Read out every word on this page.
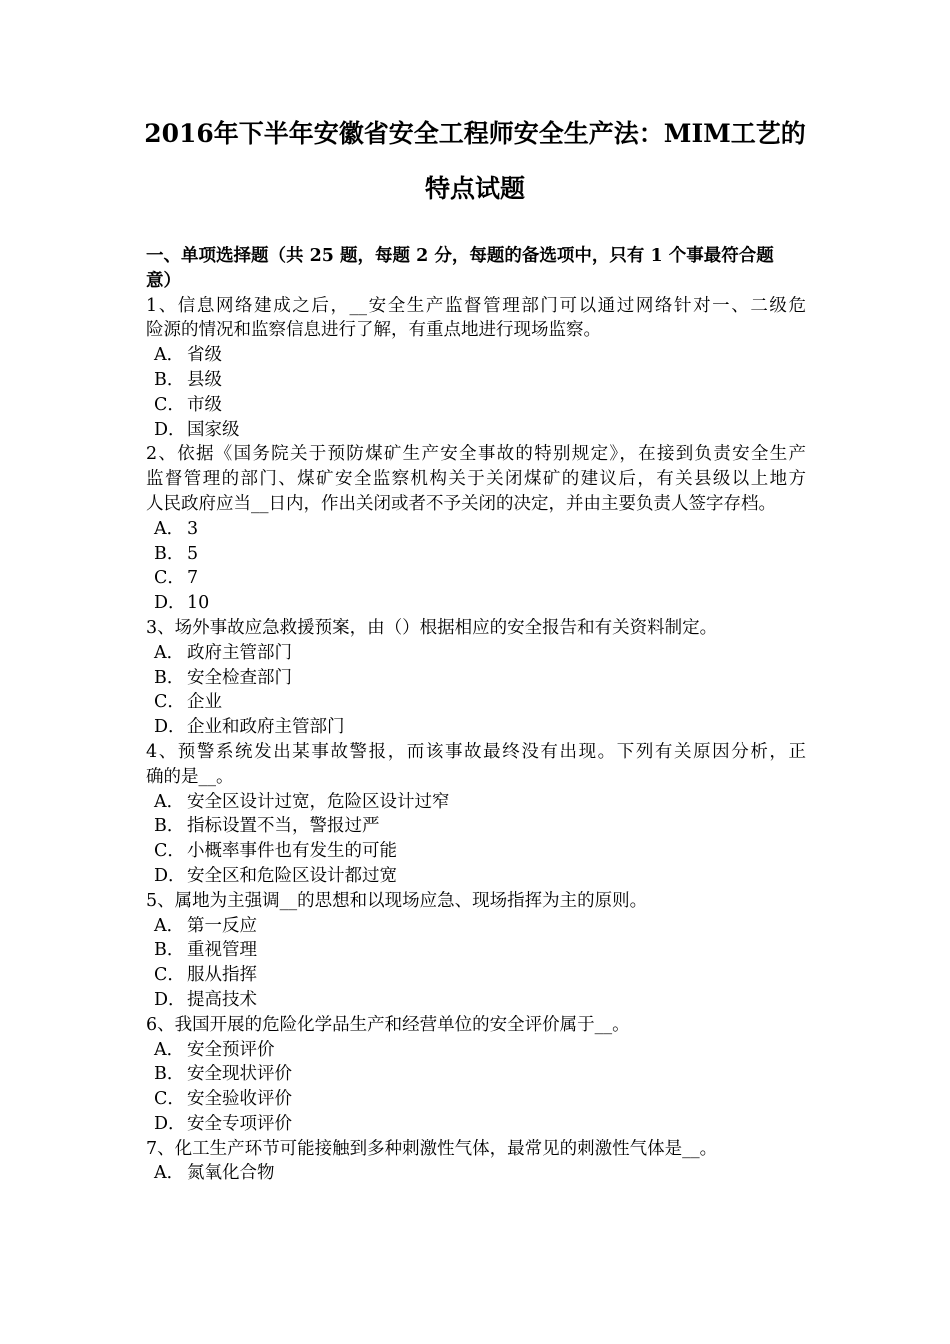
2016年下半年安徽省安全工程师安全生产法：MIM工艺的
特点试题
一、单项选择题（共 25 题，每题 2 分，每题的备选项中，只有 1 个事最符合题
意）
1、信息网络建成之后，__安全生产监督管理部门可以通过网络针对一、二级危
险源的情况和监察信息进行了解，有重点地进行现场监察。
A． 省级
B． 县级
C． 市级
D．国家级
2、依据《国务院关于预防煤矿生产安全事故的特别规定》，在接到负责安全生产
监督管理的部门、煤矿安全监察机构关于关闭煤矿的建议后，有关县级以上地方
人民政府应当__日内，作出关闭或者不予关闭的决定，并由主要负责人签字存档。
A． 3
B． 5
C． 7
D．10
3、场外事故应急救援预案，由（）根据相应的安全报告和有关资料制定。
A． 政府主管部门
B． 安全检查部门
C． 企业
D．企业和政府主管部门
4、预警系统发出某事故警报，而该事故最终没有出现。下列有关原因分析，正
确的是__。
A． 安全区设计过宽，危险区设计过窄
B． 指标设置不当，警报过严
C． 小概率事件也有发生的可能
D．安全区和危险区设计都过宽
5、属地为主强调__的思想和以现场应急、现场指挥为主的原则。
A． 第一反应
B． 重视管理
C． 服从指挥
D．提高技术
6、我国开展的危险化学品生产和经营单位的安全评价属于__。
A． 安全预评价
B． 安全现状评价
C． 安全验收评价
D．安全专项评价
7、化工生产环节可能接触到多种刺激性气体，最常见的刺激性气体是__。
A． 氮氧化合物
